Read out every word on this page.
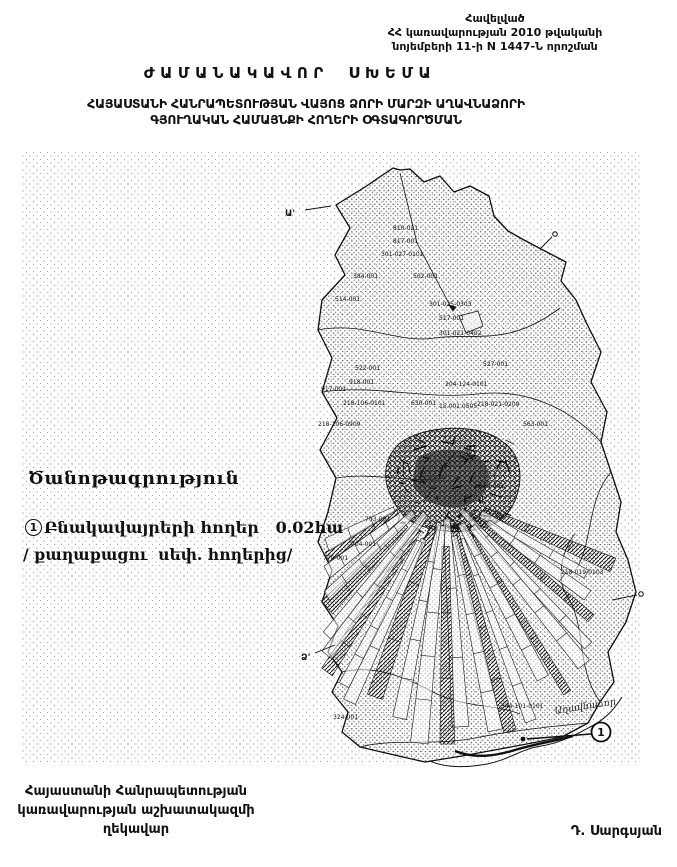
Հավելված
ՀՀ կառավարության 2010 թվականի
նոյեմբերի 11-ի N 1447-Ն որոշման
ԺԱՄԱՆԱԿԱՎՈՐ ՍԽԵՄԱ
ՀԱՅԱՍՏԱՆԻ ՀԱՆՐԱՊԵՏՈՒԹՅԱՆ ՎԱՅՈՑ ՁՈՐԻ ՄԱՐԶԻ ԱՂԱՎՆԱՁՈՐԻ
ԳՅՈՒՂԱԿԱՆ ՀԱՄԱՅՆՔԻ ՀՈՂԵՐԻ ՕԳՏԱԳՈՐԾՄԱՆ
810-021
817-001
301-027-0101
384-001	502-001
514-001
301-025-0303
517-001
301-021-0402
527-001
522-001
918-001
917-001
204-124-0101
218-106-0101	630-001 15.001.0505 218-021-0209
218-106-0909	563-001
683-001
703-001
704-001
770-001
218-019-0103
344-101-0101
324-001
Ա'
Ձ'
Աղավնաձոր
1
Ծանոթագրություն
1 Բնակավայրերի հողեր   0.02հա
/ քաղաքացու  սեփ. հողերից/
Հայաստանի Հանրապետության
կառավարության աշխատակազմի
ղեկավար	Դ. Սարգսյան
